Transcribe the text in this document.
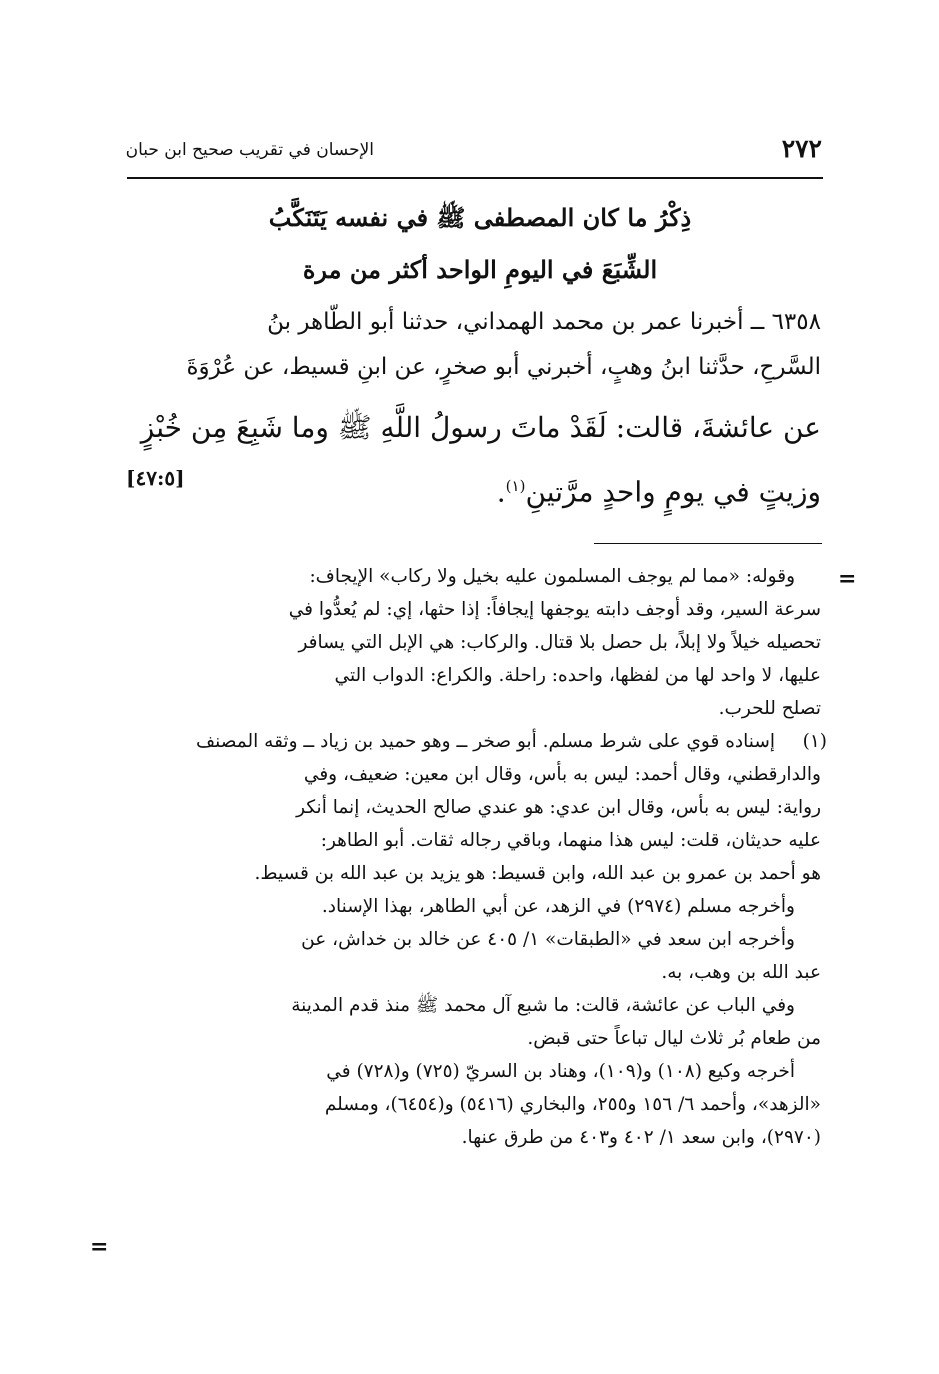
الإحسان في تقريب صحيح ابن حبان	٢٧٢
ذِكْرُ ما كان المصطفى ﷺ في نفسه يَتَنَكَّبُ
الشِّبَعَ في اليومِ الواحد أكثر من مرة
٦٣٥٨ ــ أخبرنا عمر بن محمد الهمداني، حدثنا أبو الطّاهر بنُ
السَّرحِ، حدَّثنا ابنُ وهبٍ، أخبرني أبو صخرٍ، عن ابنِ قسيط، عن عُرْوَةَ
عن عائشةَ، قالت: لَقَدْ ماتَ رسولُ اللَّهِ ﷺ وما شَبِعَ مِن خُبْزٍ
وزيتٍ في يومٍ واحدٍ مرَّتينِ$^{(١)}$.
[٤٧:٥]
=
=
وقوله: «مما لم يوجف المسلمون عليه بخيل ولا ركاب» الإيجاف:
سرعة السير، وقد أوجف دابته يوجفها إيجافاً: إذا حثها، إي: لم يُعدُّوا في
تحصيله خيلاً ولا إبلاً، بل حصل بلا قتال. والركاب: هي الإبل التي يسافر
عليها، لا واحد لها من لفظها، واحده: راحلة. والكراع: الدواب التي
تصلح للحرب.
(١)
إسناده قوي على شرط مسلم. أبو صخر ــ وهو حميد بن زياد ــ وثقه المصنف
والدارقطني، وقال أحمد: ليس به بأس، وقال ابن معين: ضعيف، وفي
رواية: ليس به بأس، وقال ابن عدي: هو عندي صالح الحديث، إنما أنكر
عليه حديثان، قلت: ليس هذا منهما، وباقي رجاله ثقات. أبو الطاهر:
هو أحمد بن عمرو بن عبد الله، وابن قسيط: هو يزيد بن عبد الله بن قسيط.
وأخرجه مسلم (٢٩٧٤) في الزهد، عن أبي الطاهر، بهذا الإسناد.
وأخرجه ابن سعد في «الطبقات» ١/ ٤٠٥ عن خالد بن خداش، عن
عبد الله بن وهب، به.
وفي الباب عن عائشة، قالت: ما شبع آل محمد ﷺ منذ قدم المدينة
من طعام بُر ثلاث ليال تباعاً حتى قبض.
أخرجه وكيع (١٠٨) و(١٠٩)، وهناد بن السريّ (٧٢٥) و(٧٢٨) في
«الزهد»، وأحمد ٦/ ١٥٦ و٢٥٥، والبخاري (٥٤١٦) و(٦٤٥٤)، ومسلم
(٢٩٧٠)، وابن سعد ١/ ٤٠٢ و٤٠٣ من طرق عنها.
